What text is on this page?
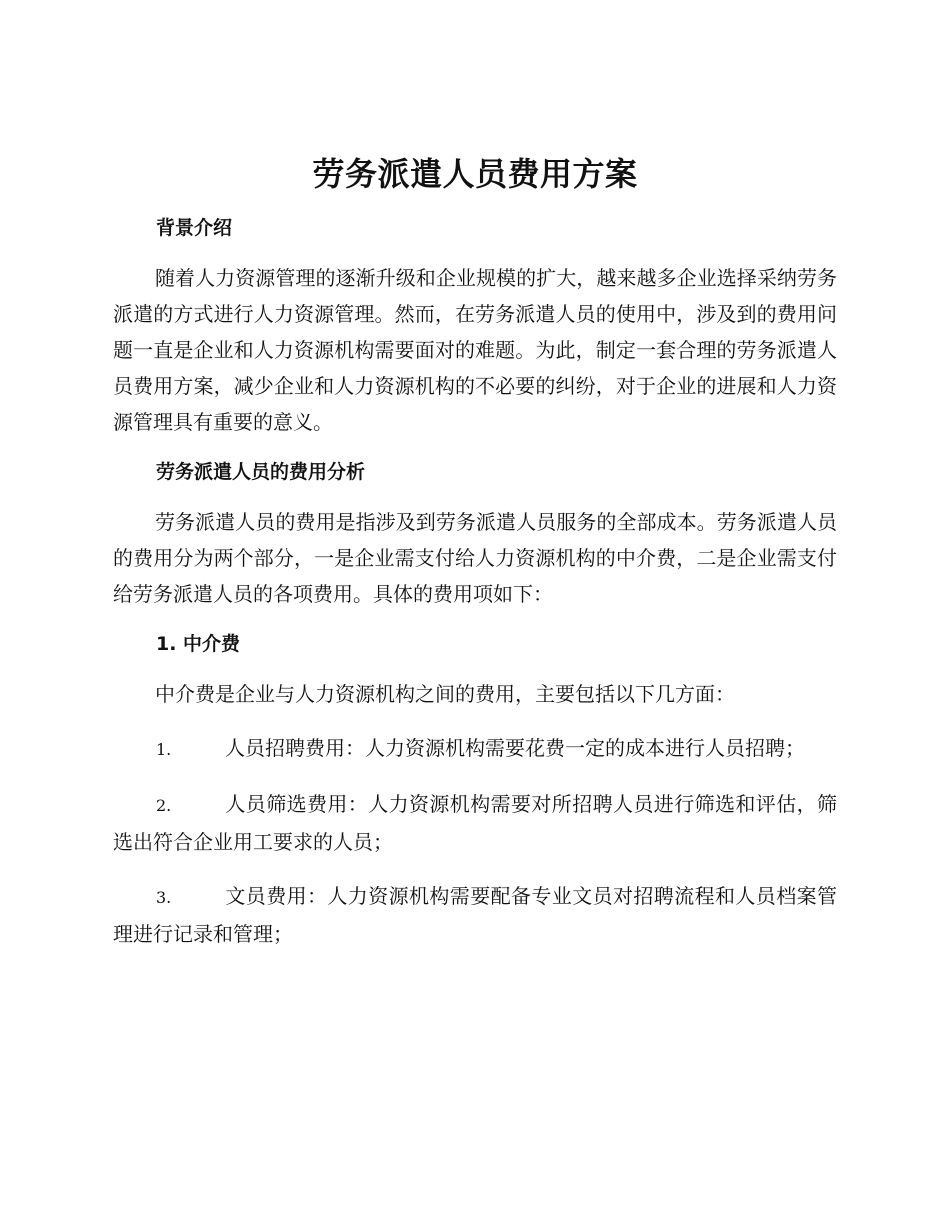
劳务派遣人员费用方案
背景介绍

随着人力资源管理的逐渐升级和企业规模的扩大，越来越多企业选择采纳劳务派遣的方式进行人力资源管理。然而，在劳务派遣人员的使用中，涉及到的费用问题一直是企业和人力资源机构需要面对的难题。为此，制定一套合理的劳务派遣人员费用方案，减少企业和人力资源机构的不必要的纠纷，对于企业的进展和人力资源管理具有重要的意义。

劳务派遣人员的费用分析

劳务派遣人员的费用是指涉及到劳务派遣人员服务的全部成本。劳务派遣人员的费用分为两个部分，一是企业需支付给人力资源机构的中介费，二是企业需支付给劳务派遣人员的各项费用。具体的费用项如下：

1. 中介费

中介费是企业与人力资源机构之间的费用，主要包括以下几方面：

1.	人员招聘费用：人力资源机构需要花费一定的成本进行人员招聘；
2.	人员筛选费用：人力资源机构需要对所招聘人员进行筛选和评估，筛选出符合企业用工要求的人员；
3.	文员费用：人力资源机构需要配备专业文员对招聘流程和人员档案管理进行记录和管理；
